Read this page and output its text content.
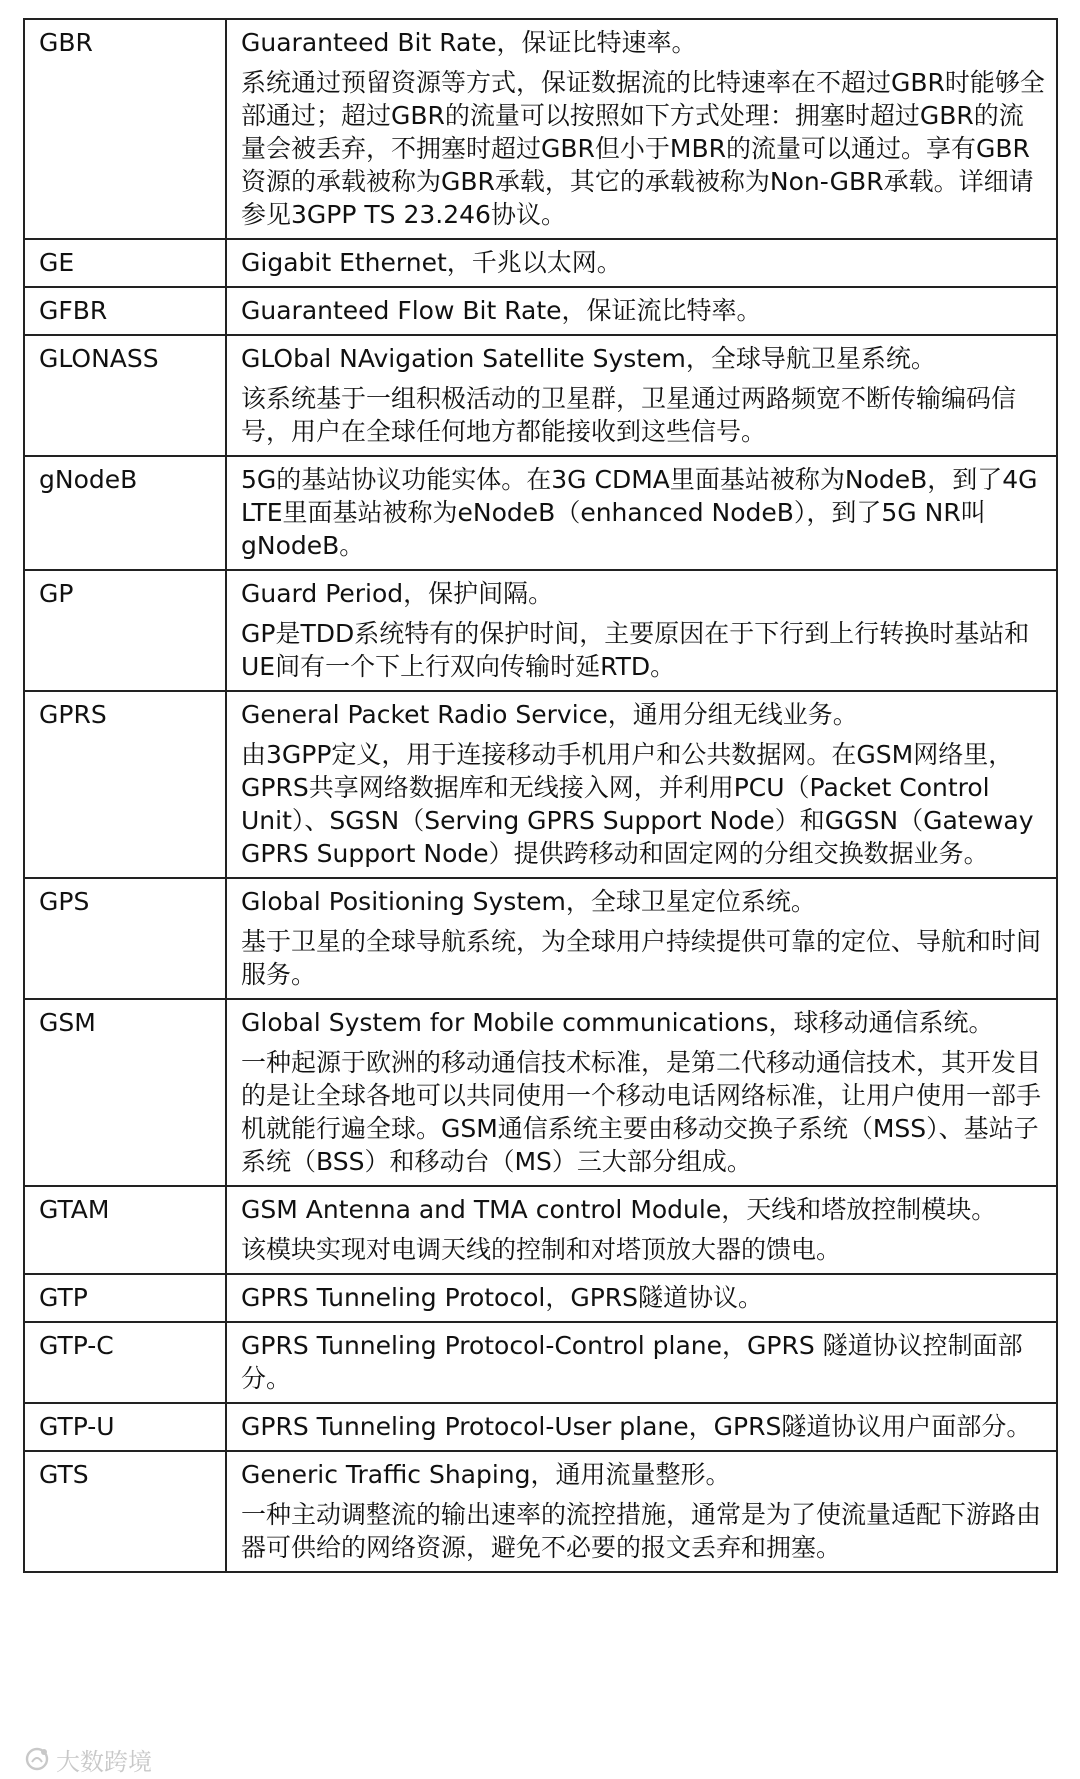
GBR	Guaranteed Bit Rate，保证比特速率。
系统通过预留资源等方式，保证数据流的比特速率在不超过GBR时能够全部通过；超过GBR的流量可以按照如下方式处理：拥塞时超过GBR的流量会被丢弃，不拥塞时超过GBR但小于MBR的流量可以通过。享有GBR资源的承载被称为GBR承载，其它的承载被称为Non-GBR承载。详细请参见3GPP TS 23.246协议。

GE	Gigabit Ethernet，千兆以太网。

GFBR	Guaranteed Flow Bit Rate，保证流比特率。

GLONASS	GLObal NAvigation Satellite System，全球导航卫星系统。
该系统基于一组积极活动的卫星群，卫星通过两路频宽不断传输编码信号，用户在全球任何地方都能接收到这些信号。

gNodeB	5G的基站协议功能实体。在3G CDMA里面基站被称为NodeB，到了4G LTE里面基站被称为eNodeB（enhanced NodeB），到了5G NR叫gNodeB。

GP	Guard Period，保护间隔。
GP是TDD系统特有的保护时间，主要原因在于下行到上行转换时基站和UE间有一个下上行双向传输时延RTD。

GPRS	General Packet Radio Service，通用分组无线业务。
由3GPP定义，用于连接移动手机用户和公共数据网。在GSM网络里，GPRS共享网络数据库和无线接入网，并利用PCU（Packet Control Unit）、SGSN（Serving GPRS Support Node）和GGSN（Gateway GPRS Support Node）提供跨移动和固定网的分组交换数据业务。

GPS	Global Positioning System，全球卫星定位系统。
基于卫星的全球导航系统，为全球用户持续提供可靠的定位、导航和时间服务。

GSM	Global System for Mobile communications，球移动通信系统。
一种起源于欧洲的移动通信技术标准，是第二代移动通信技术，其开发目的是让全球各地可以共同使用一个移动电话网络标准，让用户使用一部手机就能行遍全球。GSM通信系统主要由移动交换子系统（MSS）、基站子系统（BSS）和移动台（MS）三大部分组成。

GTAM	GSM Antenna and TMA control Module，天线和塔放控制模块。
该模块实现对电调天线的控制和对塔顶放大器的馈电。

GTP	GPRS Tunneling Protocol，GPRS隧道协议。

GTP-C	GPRS Tunneling Protocol-Control plane，GPRS 隧道协议控制面部分。

GTP-U	GPRS Tunneling Protocol-User plane，GPRS隧道协议用户面部分。

GTS	Generic Traffic Shaping，通用流量整形。
一种主动调整流的输出速率的流控措施，通常是为了使流量适配下游路由器可供给的网络资源，避免不必要的报文丢弃和拥塞。
大数跨境
